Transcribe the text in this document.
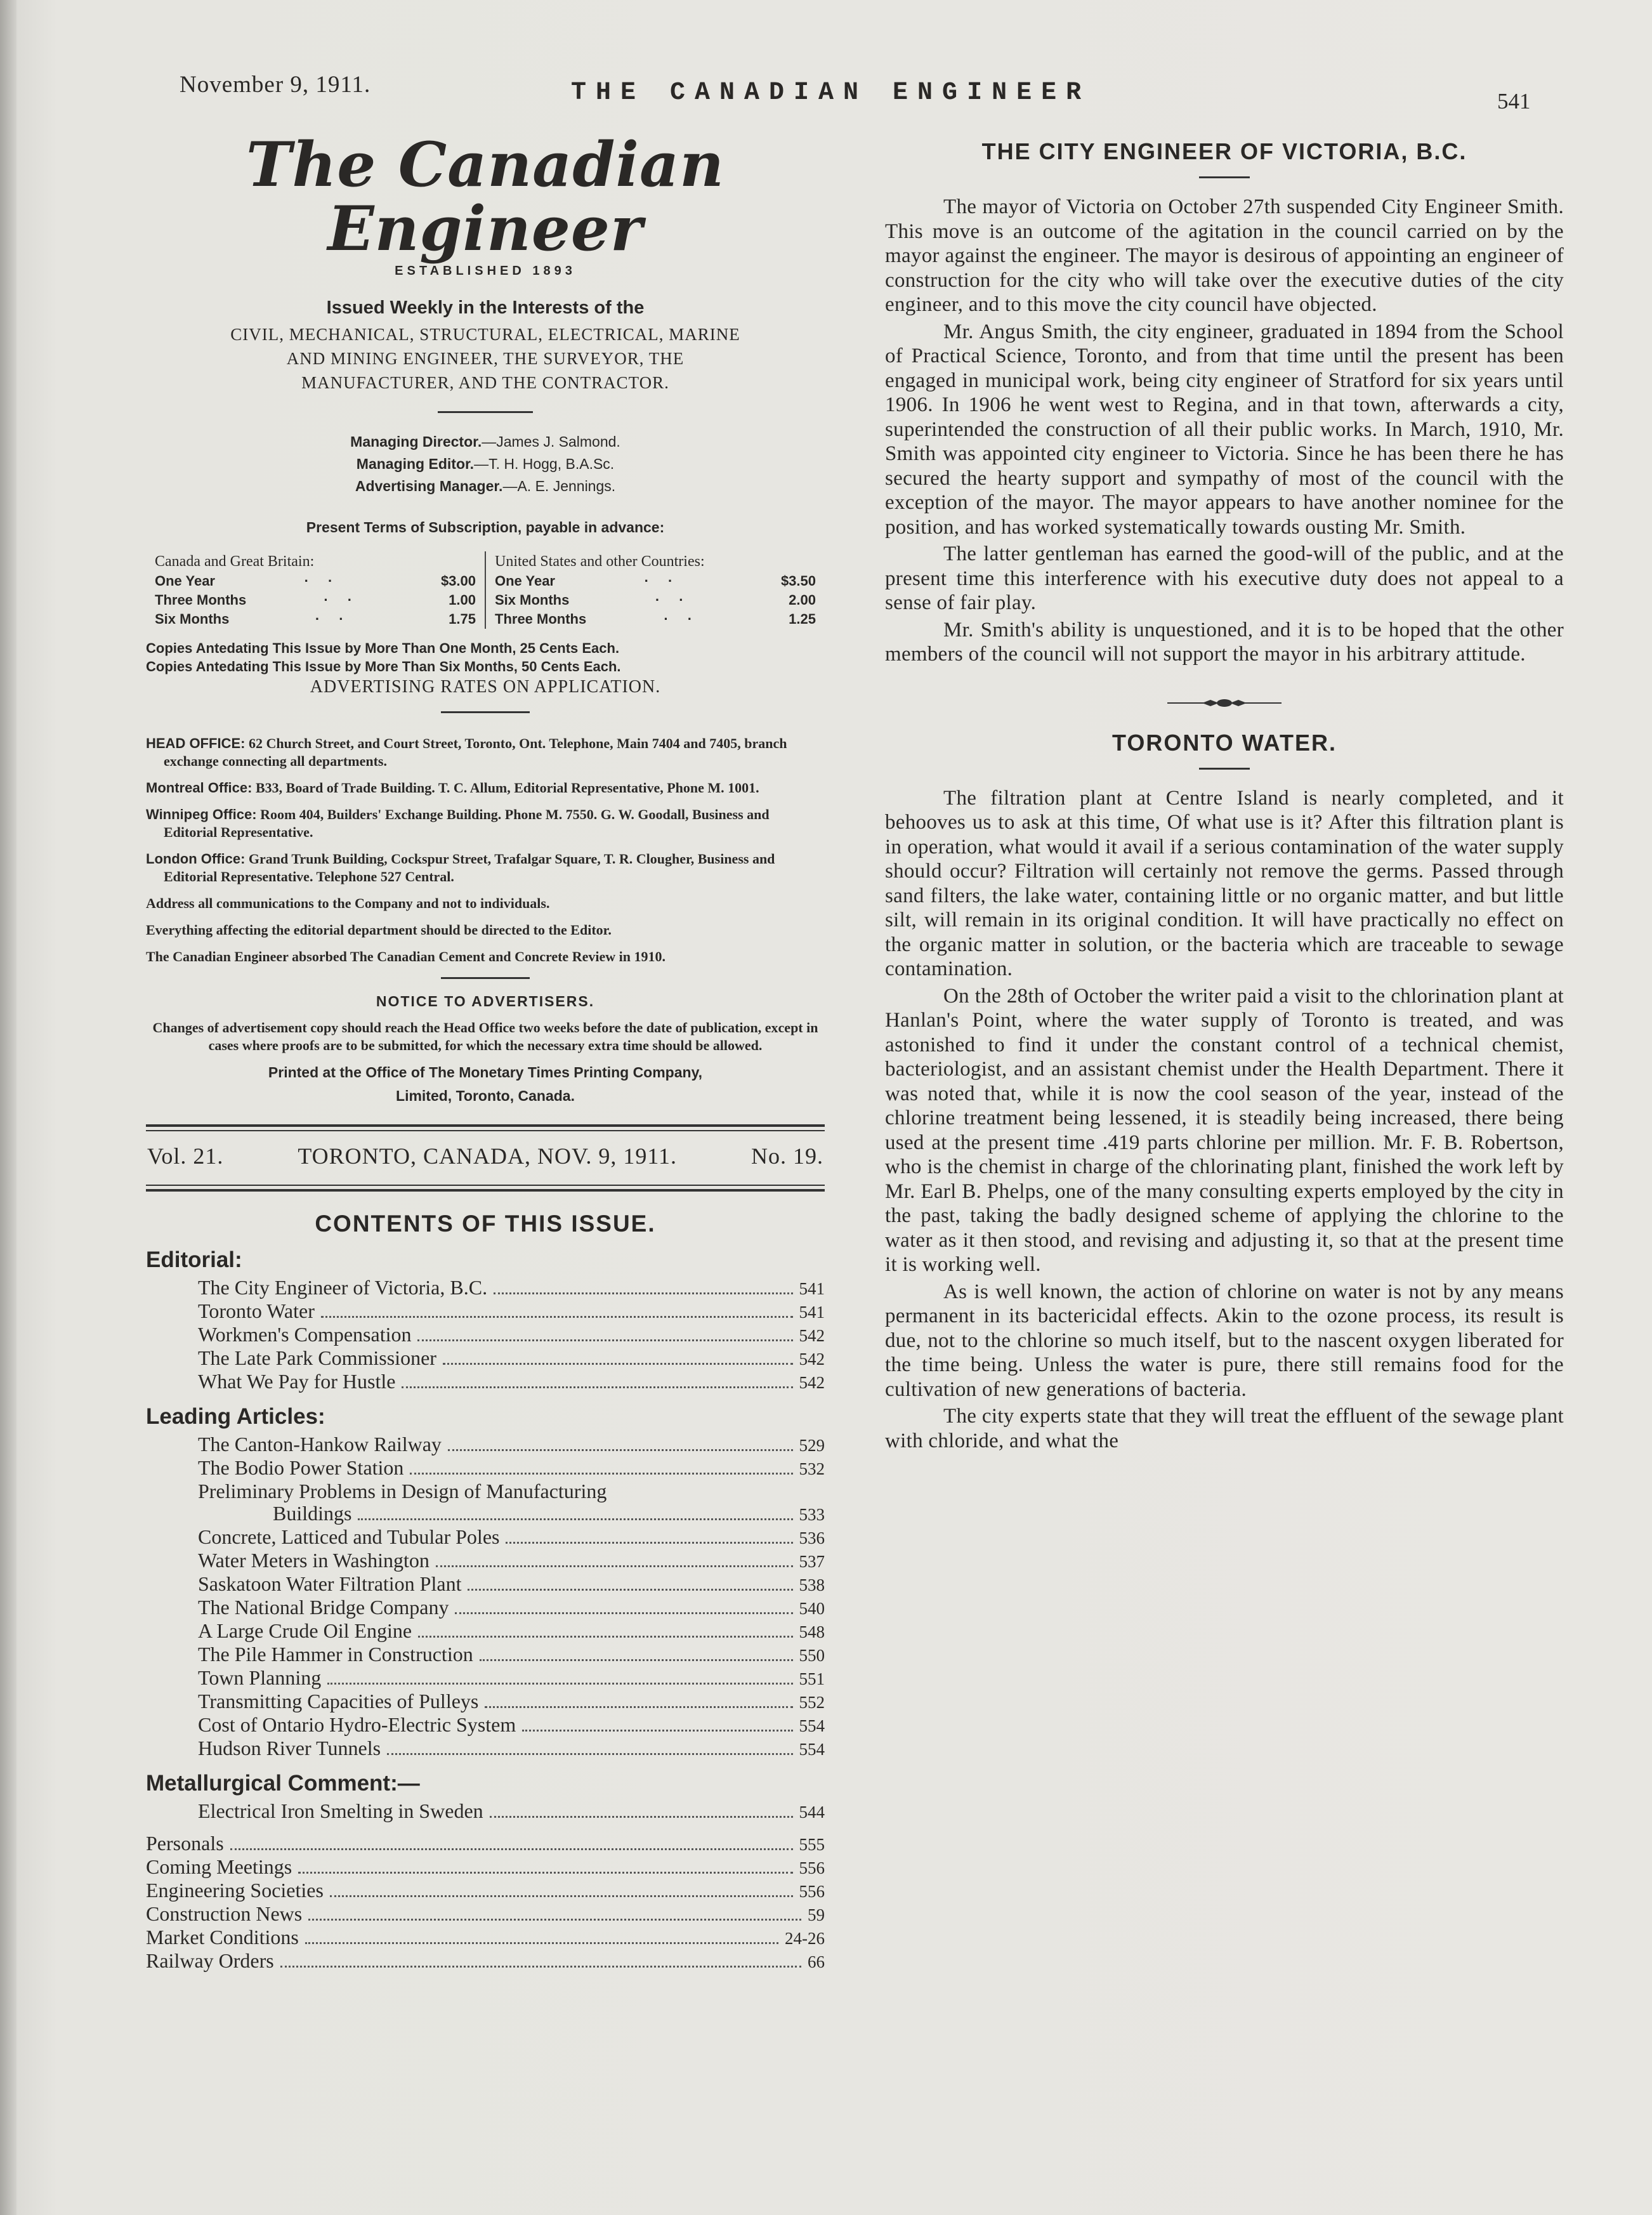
November 9, 1911.	THE CANADIAN ENGINEER	541
The Canadian Engineer
ESTABLISHED 1893
Issued Weekly in the Interests of the
CIVIL, MECHANICAL, STRUCTURAL, ELECTRICAL, MARINE AND MINING ENGINEER, THE SURVEYOR, THE MANUFACTURER, AND THE CONTRACTOR.
Managing Director.—James J. Salmond.
Managing Editor.—T. H. Hogg, B.A.Sc.
Advertising Manager.—A. E. Jennings.
Present Terms of Subscription, payable in advance:
Canada and Great Britain:
One Year	··	$3.00
Three Months	··	1.00
Six Months	··	1.75
United States and other Countries:
One Year	··	$3.50
Six Months	··	2.00
Three Months	··	1.25
Copies Antedating This Issue by More Than One Month, 25 Cents Each.
Copies Antedating This Issue by More Than Six Months, 50 Cents Each.
ADVERTISING RATES ON APPLICATION.

HEAD OFFICE: 62 Church Street, and Court Street, Toronto, Ont. Telephone, Main 7404 and 7405, branch exchange connecting all departments.

Montreal Office: B33, Board of Trade Building. T. C. Allum, Editorial Representative, Phone M. 1001.

Winnipeg Office: Room 404, Builders' Exchange Building. Phone M. 7550. G. W. Goodall, Business and Editorial Representative.

London Office: Grand Trunk Building, Cockspur Street, Trafalgar Square, T. R. Clougher, Business and Editorial Representative. Telephone 527 Central.

Address all communications to the Company and not to individuals.

Everything affecting the editorial department should be directed to the Editor.

The Canadian Engineer absorbed The Canadian Cement and Concrete Review in 1910.

NOTICE TO ADVERTISERS.
Changes of advertisement copy should reach the Head Office two weeks before the date of publication, except in cases where proofs are to be submitted, for which the necessary extra time should be allowed.
Printed at the Office of The Monetary Times Printing Company,
Limited, Toronto, Canada.
Vol. 21.	TORONTO, CANADA, NOV. 9, 1911.	No. 19.
CONTENTS OF THIS ISSUE.
Editorial:
The City Engineer of Victoria, B.C.	541
Toronto Water	541
Workmen's Compensation	542
The Late Park Commissioner	542
What We Pay for Hustle	542
Leading Articles:
The Canton-Hankow Railway	529
The Bodio Power Station	532
Preliminary Problems in Design of Manufacturing
Buildings	533
Concrete, Latticed and Tubular Poles	536
Water Meters in Washington	537
Saskatoon Water Filtration Plant	538
The National Bridge Company	540
A Large Crude Oil Engine	548
The Pile Hammer in Construction	550
Town Planning	551
Transmitting Capacities of Pulleys	552
Cost of Ontario Hydro-Electric System	554
Hudson River Tunnels	554
Metallurgical Comment:—
Electrical Iron Smelting in Sweden	544
Personals	555
Coming Meetings	556
Engineering Societies	556
Construction News	59
Market Conditions	24-26
Railway Orders	66
THE CITY ENGINEER OF VICTORIA, B.C.

The mayor of Victoria on October 27th suspended City Engineer Smith. This move is an outcome of the agitation in the council carried on by the mayor against the engineer. The mayor is desirous of appointing an engineer of construction for the city who will take over the executive duties of the city engineer, and to this move the city council have objected.

Mr. Angus Smith, the city engineer, graduated in 1894 from the School of Practical Science, Toronto, and from that time until the present has been engaged in municipal work, being city engineer of Stratford for six years until 1906. In 1906 he went west to Regina, and in that town, afterwards a city, superintended the construction of all their public works. In March, 1910, Mr. Smith was appointed city engineer to Victoria. Since he has been there he has secured the hearty support and sympathy of most of the council with the exception of the mayor. The mayor appears to have another nominee for the position, and has worked systematically towards ousting Mr. Smith.

The latter gentleman has earned the good-will of the public, and at the present time this interference with his executive duty does not appeal to a sense of fair play.

Mr. Smith's ability is unquestioned, and it is to be hoped that the other members of the council will not support the mayor in his arbitrary attitude.

TORONTO WATER.

The filtration plant at Centre Island is nearly completed, and it behooves us to ask at this time, Of what use is it? After this filtration plant is in operation, what would it avail if a serious contamination of the water supply should occur? Filtration will certainly not remove the germs. Passed through sand filters, the lake water, containing little or no organic matter, and but little silt, will remain in its original condition. It will have practically no effect on the organic matter in solution, or the bacteria which are traceable to sewage contamination.

On the 28th of October the writer paid a visit to the chlorination plant at Hanlan's Point, where the water supply of Toronto is treated, and was astonished to find it under the constant control of a technical chemist, bacteriologist, and an assistant chemist under the Health Department. There it was noted that, while it is now the cool season of the year, instead of the chlorine treatment being lessened, it is steadily being increased, there being used at the present time .419 parts chlorine per million. Mr. F. B. Robertson, who is the chemist in charge of the chlorinating plant, finished the work left by Mr. Earl B. Phelps, one of the many consulting experts employed by the city in the past, taking the badly designed scheme of applying the chlorine to the water as it then stood, and revising and adjusting it, so that at the present time it is working well.

As is well known, the action of chlorine on water is not by any means permanent in its bactericidal effects. Akin to the ozone process, its result is due, not to the chlorine so much itself, but to the nascent oxygen liberated for the time being. Unless the water is pure, there still remains food for the cultivation of new generations of bacteria.

The city experts state that they will treat the effluent of the sewage plant with chloride, and what the
